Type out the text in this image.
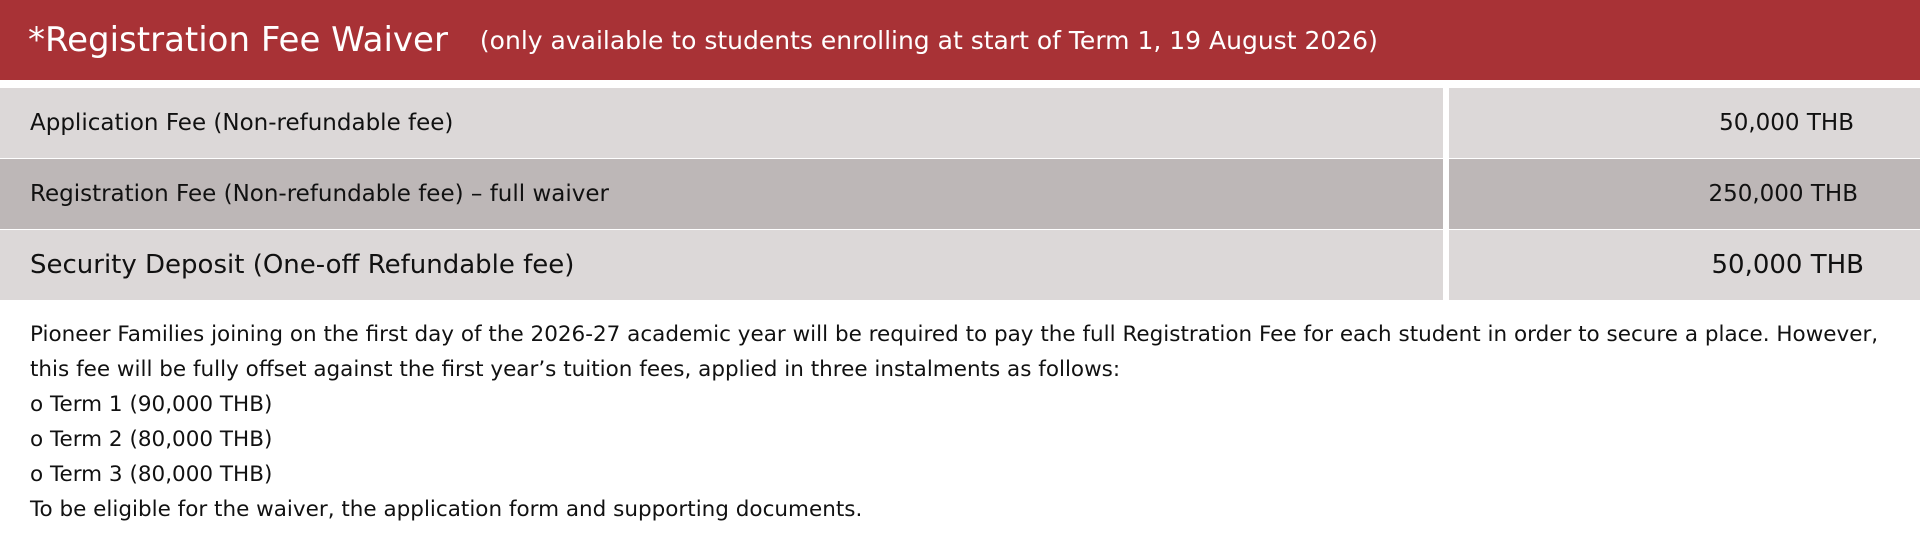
*Registration Fee Waiver (only available to students enrolling at start of Term 1, 19 August 2026)
Application Fee (Non-refundable fee)	50,000 THB
Registration Fee (Non-refundable fee) – full waiver	250,000 THB
Security Deposit (One-off Refundable fee)	50,000 THB

Pioneer Families joining on the first day of the 2026-27 academic year will be required to pay the full Registration Fee for each student in order to secure a place. However, this fee will be fully offset against the first year’s tuition fees, applied in three instalments as follows:

o Term 1 (90,000 THB)

o Term 2 (80,000 THB)

o Term 3 (80,000 THB)

To be eligible for the waiver, the application form and supporting documents.
